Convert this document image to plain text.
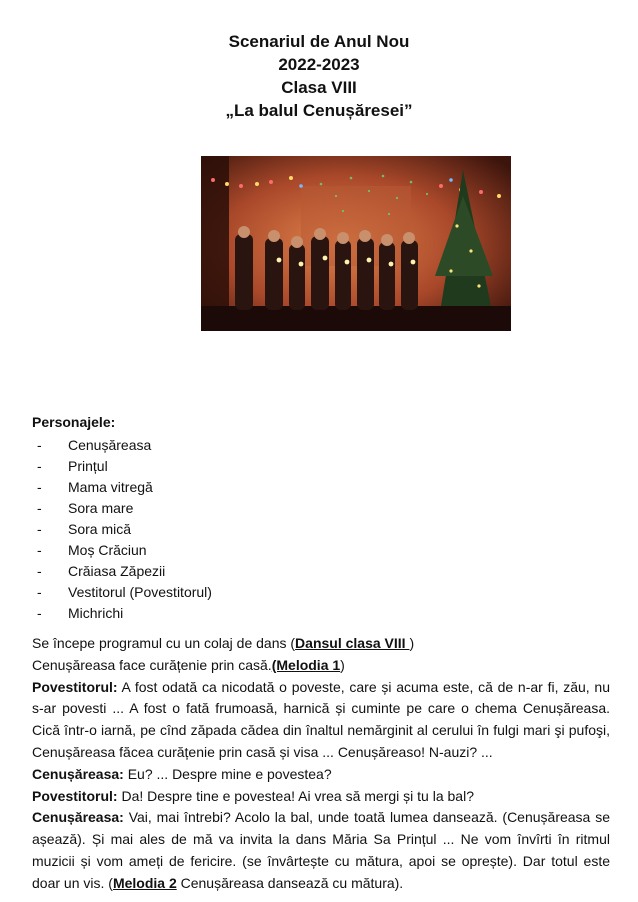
Scenariul de Anul Nou
2022-2023
Clasa VIII
„La balul Cenușăresei”
Personajele:
- Cenușăreasa
- Prințul
- Mama vitregă
- Sora mare
- Sora mică
- Moș Crăciun
- Crăiasa Zăpezii
- Vestitorul (Povestitorul)
- Michrichi

Se începe programul cu un colaj de dans (Dansul clasa VIII )

Cenușăreasa face curățenie prin casă.(Melodia 1)

Povestitorul: A fost odată ca nicodată o poveste, care și acuma este, că de n-ar fi, zău, nu s-ar povesti ... A fost o fată frumoasă, harnică și cuminte pe care o chema Cenușăreasa. Cică într-o iarnă, pe cînd zăpada cădea din înaltul nemărginit al cerului în fulgi mari şi pufoşi, Cenușăreasa făcea curățenie prin casă și visa ... Cenușăreaso! N-auzi? ...

Cenușăreasa: Eu? ... Despre mine e povestea?

Povestitorul: Da! Despre tine e povestea! Ai vrea să mergi și tu la bal?

Cenușăreasa: Vai, mai întrebi? Acolo la bal, unde toată lumea dansează. (Cenușăreasa se așează). Și mai ales de mă va invita la dans Măria Sa Prințul ... Ne vom învîrti în ritmul muzicii și vom ameți de fericire. (se învârtește cu mătura, apoi se oprește). Dar totul este doar un vis. (Melodia 2 Cenușăreasa dansează cu mătura).
